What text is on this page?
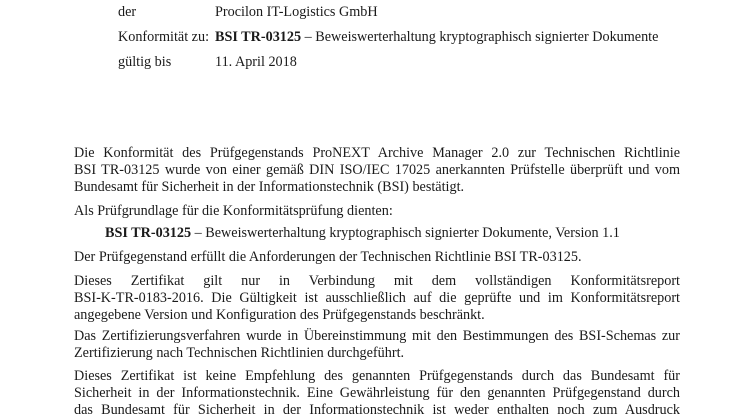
der	Procilon IT-Logistics GmbH
Konformität zu: BSI TR-03125 – Beweiswerterhaltung kryptographisch signierter Dokumente
gültig bis	11. April 2018
Die Konformität des Prüfgegenstands ProNEXT Archive Manager 2.0 zur Technischen Richtlinie
BSI TR-03125 wurde von einer gemäß DIN ISO/IEC 17025 anerkannten Prüfstelle überprüft und vom
Bundesamt für Sicherheit in der Informationstechnik (BSI) bestätigt.
Als Prüfgrundlage für die Konformitätsprüfung dienten:
BSI TR-03125 – Beweiswerterhaltung kryptographisch signierter Dokumente, Version 1.1
Der Prüfgegenstand erfüllt die Anforderungen der Technischen Richtlinie BSI TR-03125.
Dieses Zertifikat gilt nur in Verbindung mit dem vollständigen Konformitätsreport
BSI-K-TR-0183-2016. Die Gültigkeit ist ausschließlich auf die geprüfte und im Konformitätsreport
angegebene Version und Konfiguration des Prüfgegenstands beschränkt.
Das Zertifizierungsverfahren wurde in Übereinstimmung mit den Bestimmungen des BSI-Schemas zur
Zertifizierung nach Technischen Richtlinien durchgeführt.
Dieses Zertifikat ist keine Empfehlung des genannten Prüfgegenstands durch das Bundesamt für
Sicherheit in der Informationstechnik. Eine Gewährleistung für den genannten Prüfgegenstand durch
das Bundesamt für Sicherheit in der Informationstechnik ist weder enthalten noch zum Ausdruck
